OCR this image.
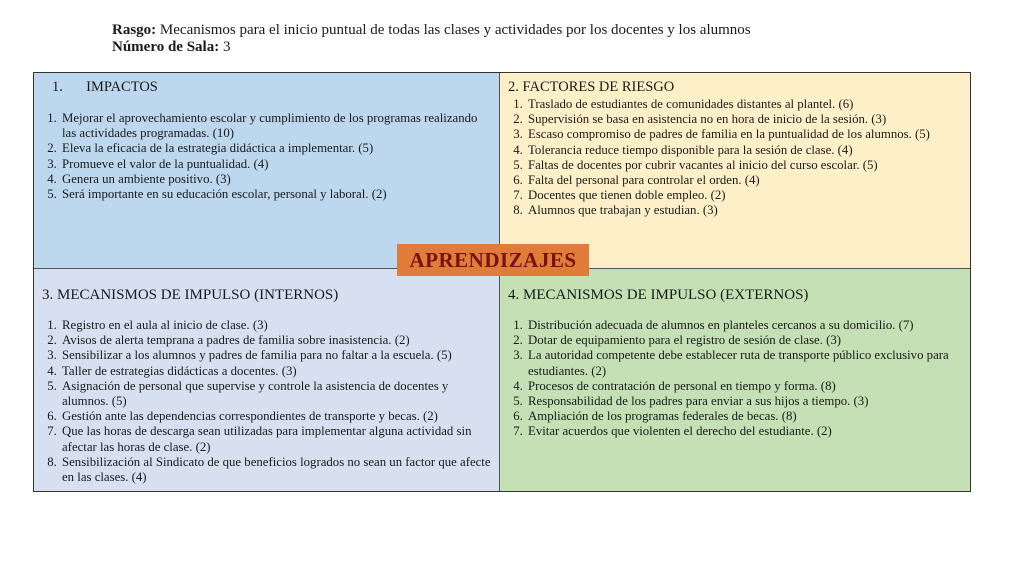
Rasgo: Mecanismos para el inicio puntual de todas las clases y actividades por los docentes y los alumnos
Número de Sala: 3
1. IMPACTOS
1. Mejorar el aprovechamiento escolar y cumplimiento de los programas realizando las actividades programadas. (10)
2. Eleva la eficacia de la estrategia didáctica a implementar. (5)
3. Promueve el valor de la puntualidad. (4)
4. Genera un ambiente positivo. (3)
5. Será importante en su educación escolar, personal y laboral. (2)
2. FACTORES DE RIESGO
1. Traslado de estudiantes de comunidades distantes al plantel. (6)
2. Supervisión se basa en asistencia no en hora de inicio de la sesión. (3)
3. Escaso compromiso de padres de familia en la puntualidad de los alumnos. (5)
4. Tolerancia reduce tiempo disponible para la sesión de clase. (4)
5. Faltas de docentes por cubrir vacantes al inicio del curso escolar. (5)
6. Falta del personal para controlar el orden. (4)
7. Docentes que tienen doble empleo. (2)
8. Alumnos que trabajan y estudian. (3)
3. MECANISMOS DE IMPULSO (INTERNOS)
1. Registro en el aula al inicio de clase. (3)
2. Avisos de alerta temprana a padres de familia sobre inasistencia. (2)
3. Sensibilizar a los alumnos y padres de familia para no faltar a la escuela. (5)
4. Taller de estrategias didácticas a docentes. (3)
5. Asignación de personal que supervise y controle la asistencia de docentes y alumnos. (5)
6. Gestión ante las dependencias correspondientes de transporte y becas. (2)
7. Que las horas de descarga sean utilizadas para implementar alguna actividad sin afectar las horas de clase. (2)
8. Sensibilización al Sindicato de que beneficios logrados no sean un factor que afecte en las clases. (4)
4. MECANISMOS DE IMPULSO (EXTERNOS)
1. Distribución adecuada de alumnos en planteles cercanos a su domicilio. (7)
2. Dotar de equipamiento para el registro de sesión de clase. (3)
3. La autoridad competente debe establecer ruta de transporte público exclusivo para estudiantes. (2)
4. Procesos de contratación de personal en tiempo y forma. (8)
5. Responsabilidad de los padres para enviar a sus hijos a tiempo. (3)
6. Ampliación de los programas federales de becas. (8)
7. Evitar acuerdos que violenten el derecho del estudiante. (2)
APRENDIZAJES
